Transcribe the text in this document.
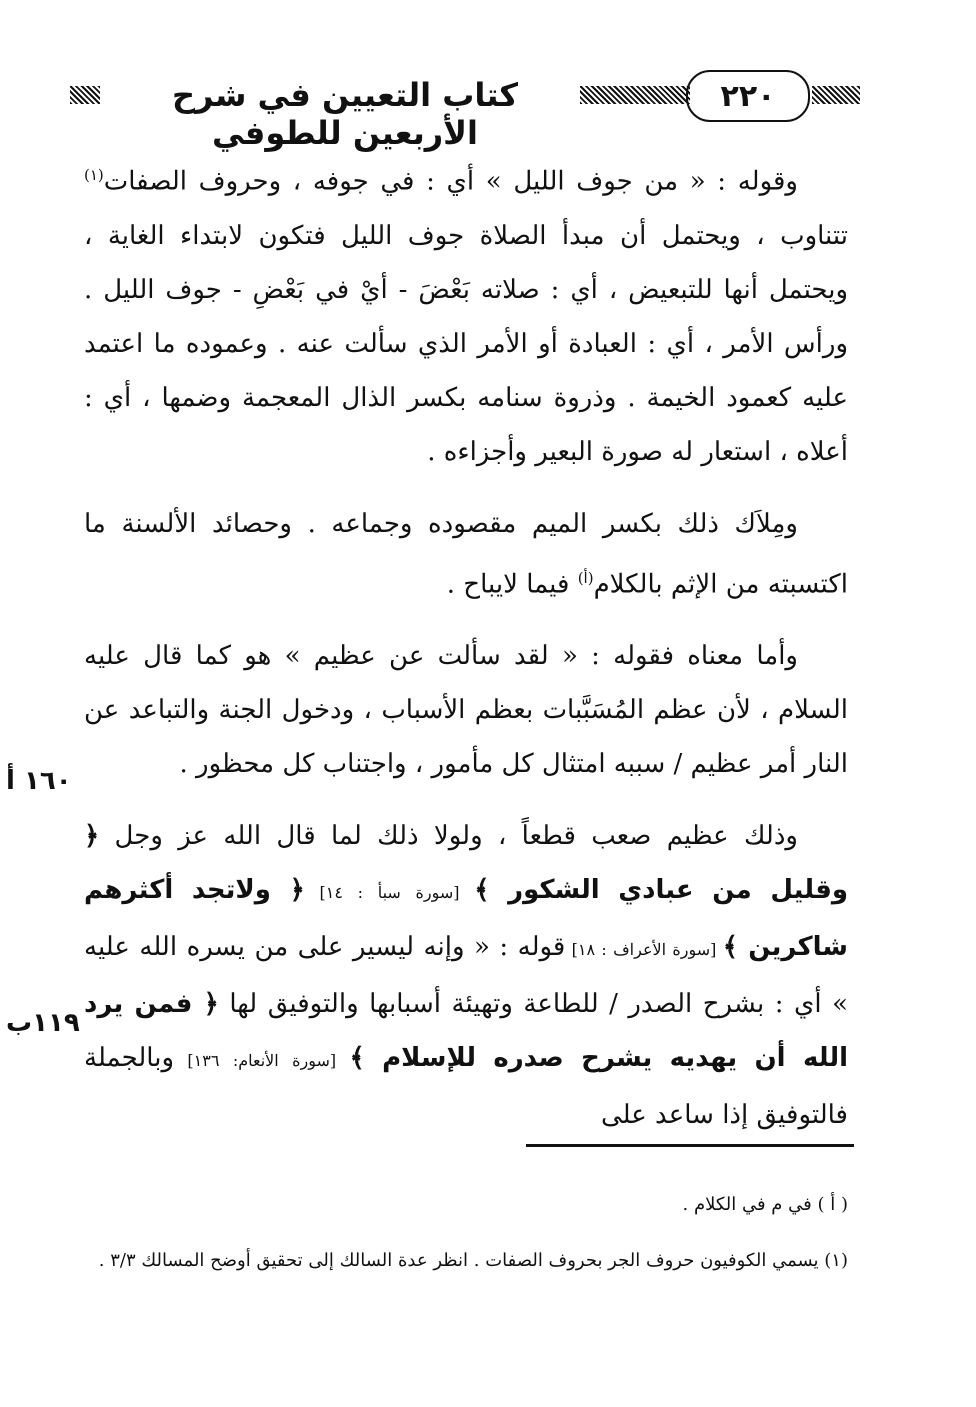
كتاب التعيين في شرح الأربعين للطوفي
٢٢٠

وقوله : « من جوف الليل » أي : في جوفه ، وحروف الصفات$^{(١)}$ تتناوب ، ويحتمل أن مبدأ الصلاة جوف الليل فتكون لابتداء الغاية ، ويحتمل أنها للتبعيض ، أي : صلاته بَعْضَ - أيْ في بَعْضِ - جوف الليل . ورأس الأمر ، أي : العبادة أو الأمر الذي سألت عنه . وعموده ما اعتمد عليه كعمود الخيمة . وذروة سنامه بكسر الذال المعجمة وضمها ، أي : أعلاه ، استعار له صورة البعير وأجزاءه .

ومِلاَك ذلك بكسر الميم مقصوده وجماعه . وحصائد الألسنة ما اكتسبته من الإثم بالكلام$^{(أ)}$ فيما لايباح .

وأما معناه فقوله : « لقد سألت عن عظيم » هو كما قال عليه السلام ، لأن عظم المُسَبَّبات بعظم الأسباب ، ودخول الجنة والتباعد عن النار أمر عظيم / سببه امتثال كل مأمور ، واجتناب كل محظور .

وذلك عظيم صعب قطعاً ، ولولا ذلك لما قال الله عز وجل ﴿ وقليل من عبادي الشكور ﴾ [سورة سبأ : ١٤] ﴿ ولاتجد أكثرهم شاكرين ﴾ [سورة الأعراف : ١٨] قوله : « وإنه ليسير على من يسره الله عليه » أي : بشرح الصدر / للطاعة وتهيئة أسبابها والتوفيق لها ﴿ فمن يرد الله أن يهديه يشرح صدره للإسلام ﴾ [سورة الأنعام: ١٣٦] وبالجملة فالتوفيق إذا ساعد على

١٦٠ أ
١١٩ب
( أ ) في م في الكلام .
(١) يسمي الكوفيون حروف الجر بحروف الصفات . انظر عدة السالك إلى تحقيق أوضح المسالك ٣/٣ .
